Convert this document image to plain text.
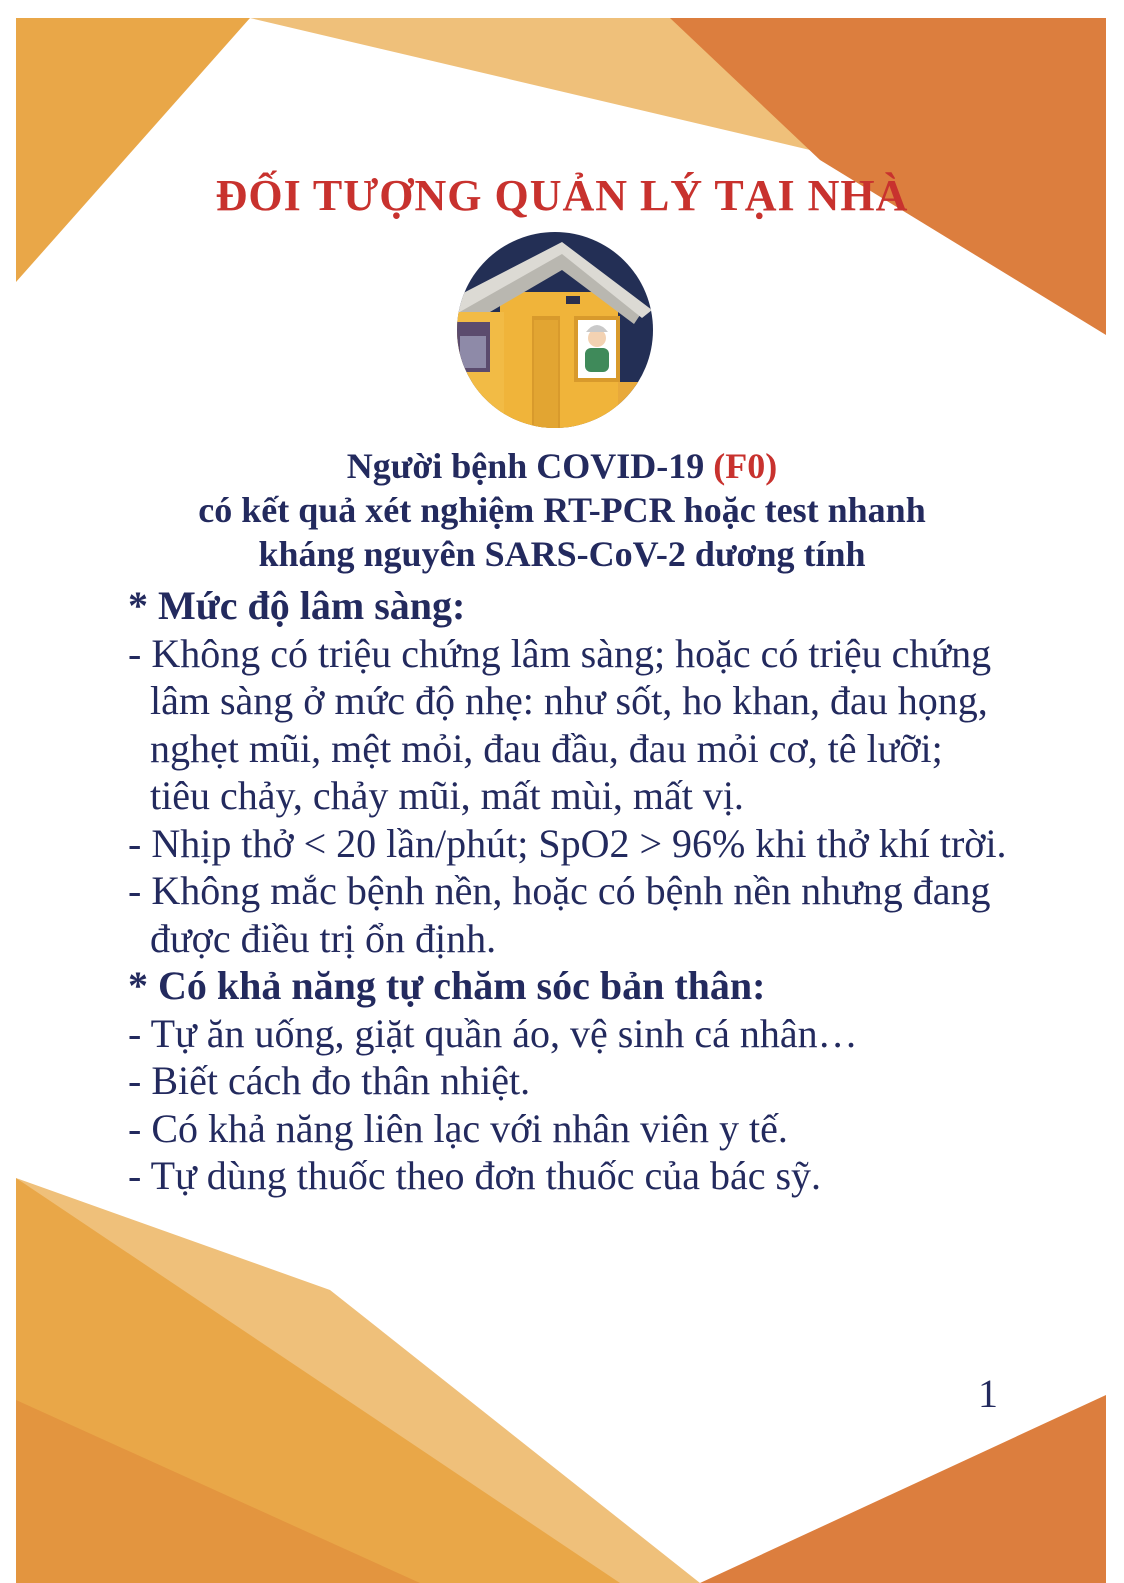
ĐỐI TƯỢNG QUẢN LÝ TẠI NHÀ
Người bệnh COVID-19 (F0)
có kết quả xét nghiệm RT-PCR hoặc test nhanh
kháng nguyên SARS-CoV-2 dương tính
* Mức độ lâm sàng:
- Không có triệu chứng lâm sàng; hoặc có triệu chứng lâm sàng ở mức độ nhẹ: như sốt, ho khan, đau họng, nghẹt mũi, mệt mỏi, đau đầu, đau mỏi cơ, tê lưỡi; tiêu chảy, chảy mũi, mất mùi, mất vị.
- Nhịp thở < 20 lần/phút; SpO2 > 96% khi thở khí trời.
- Không mắc bệnh nền, hoặc có bệnh nền nhưng đang được điều trị ổn định.
* Có khả năng tự chăm sóc bản thân:
- Tự ăn uống, giặt quần áo, vệ sinh cá nhân…
- Biết cách đo thân nhiệt.
- Có khả năng liên lạc với nhân viên y tế.
- Tự dùng thuốc theo đơn thuốc của bác sỹ.
1
